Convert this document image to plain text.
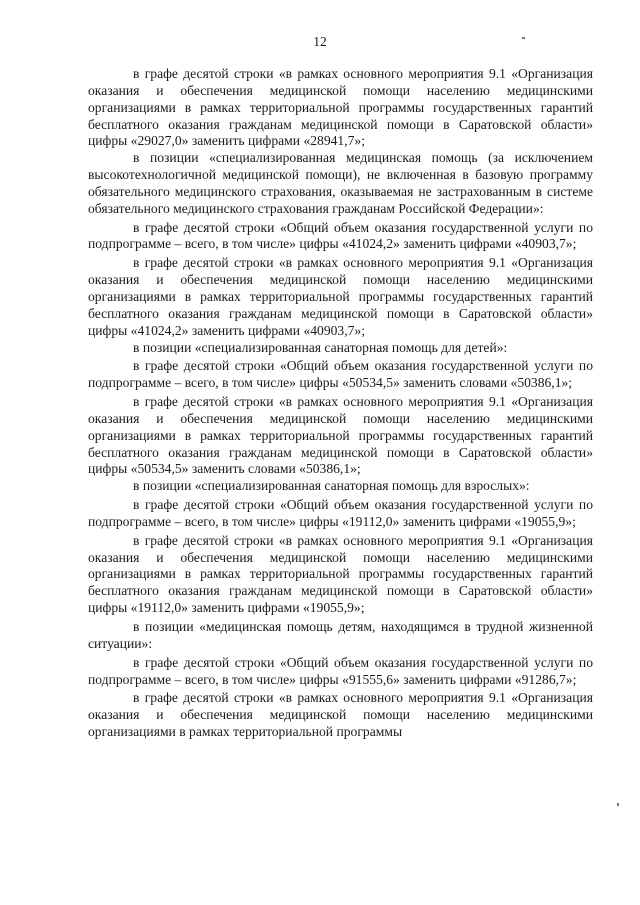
12

в графе десятой строки «в рамках основного мероприятия 9.1 «Организация оказания и обеспечения медицинской помощи населению медицинскими организациями в рамках территориальной программы государственных гарантий бесплатного оказания гражданам медицинской помощи в Саратовской области» цифры «29027,0» заменить цифрами «28941,7»;

в позиции «специализированная медицинская помощь (за исключением высокотехнологичной медицинской помощи), не включенная в базовую программу обязательного медицинского страхования, оказываемая не застрахованным в системе обязательного медицинского страхования гражданам Российской Федерации»:

в графе десятой строки «Общий объем оказания государственной услуги по подпрограмме – всего, в том числе» цифры «41024,2» заменить цифрами «40903,7»;

в графе десятой строки «в рамках основного мероприятия 9.1 «Организация оказания и обеспечения медицинской помощи населению медицинскими организациями в рамках территориальной программы государственных гарантий бесплатного оказания гражданам медицинской помощи в Саратовской области» цифры «41024,2» заменить цифрами «40903,7»;

в позиции «специализированная санаторная помощь для детей»:

в графе десятой строки «Общий объем оказания государственной услуги по подпрограмме – всего, в том числе» цифры «50534,5» заменить словами «50386,1»;

в графе десятой строки «в рамках основного мероприятия 9.1 «Организация оказания и обеспечения медицинской помощи населению медицинскими организациями в рамках территориальной программы государственных гарантий бесплатного оказания гражданам медицинской помощи в Саратовской области» цифры «50534,5» заменить словами «50386,1»;

в позиции «специализированная санаторная помощь для взрослых»:

в графе десятой строки «Общий объем оказания государственной услуги по подпрограмме – всего, в том числе» цифры «19112,0» заменить цифрами «19055,9»;

в графе десятой строки «в рамках основного мероприятия 9.1 «Организация оказания и обеспечения медицинской помощи населению медицинскими организациями в рамках территориальной программы государственных гарантий бесплатного оказания гражданам медицинской помощи в Саратовской области» цифры «19112,0» заменить цифрами «19055,9»;

в позиции «медицинская помощь детям, находящимся в трудной жизненной ситуации»:

в графе десятой строки «Общий объем оказания государственной услуги по подпрограмме – всего, в том числе» цифры «91555,6» заменить цифрами «91286,7»;

в графе десятой строки «в рамках основного мероприятия 9.1 «Организация оказания и обеспечения медицинской помощи населению медицинскими организациями в рамках территориальной программы
